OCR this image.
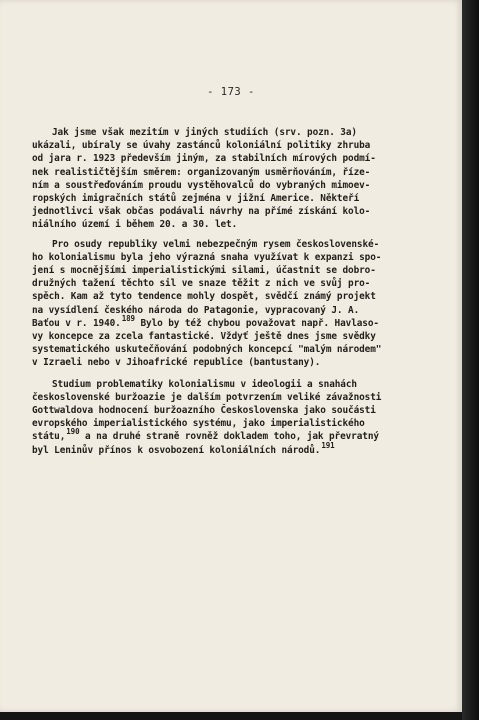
- 173 -
Jak jsme však mezitím v jiných studiích (srv. pozn. 3a)
ukázali, ubíraly se úvahy zastánců koloniální politiky zhruba
od jara r. 1923 především jiným, za stabilních mírových podmí-
nek realističtějším směrem: organizovaným usměrňováním, říze-
ním a soustřeďováním proudu vystěhovalců do vybraných mimoev-
ropských imigračních států zejména v jižní Americe. Někteří
jednotlivci však občas podávali návrhy na přímé získání kolo-
niálního území i během 20. a 30. let.
Pro osudy republiky velmi nebezpečným rysem československé-
ho kolonialismu byla jeho výrazná snaha využívat k expanzi spo-
jení s mocnějšími imperialistickými silami, účastnit se dobro-
družných tažení těchto sil ve snaze těžit z nich ve svůj pro-
spěch. Kam až tyto tendence mohly dospět, svědčí známý projekt
na vysídlení českého národa do Patagonie, vypracovaný J. A.
Baťou v r. 1940.$^{189}$ Bylo by též chybou považovat např. Havlaso-
vy koncepce za zcela fantastické. Vždyť ještě dnes jsme svědky
systematického uskutečňování podobných koncepcí "malým národem"
v Izraeli nebo v Jihoafrické republice (bantustany).
Studium problematiky kolonialismu v ideologii a snahách
československé buržoazie je dalším potvrzením veliké závažnosti
Gottwaldova hodnocení buržoazního Československa jako součásti
evropského imperialistického systému, jako imperialistického
státu,$^{190}$ a na druhé straně rovněž dokladem toho, jak převratný
byl Leninův přínos k osvobození koloniálních národů.$^{191}$
